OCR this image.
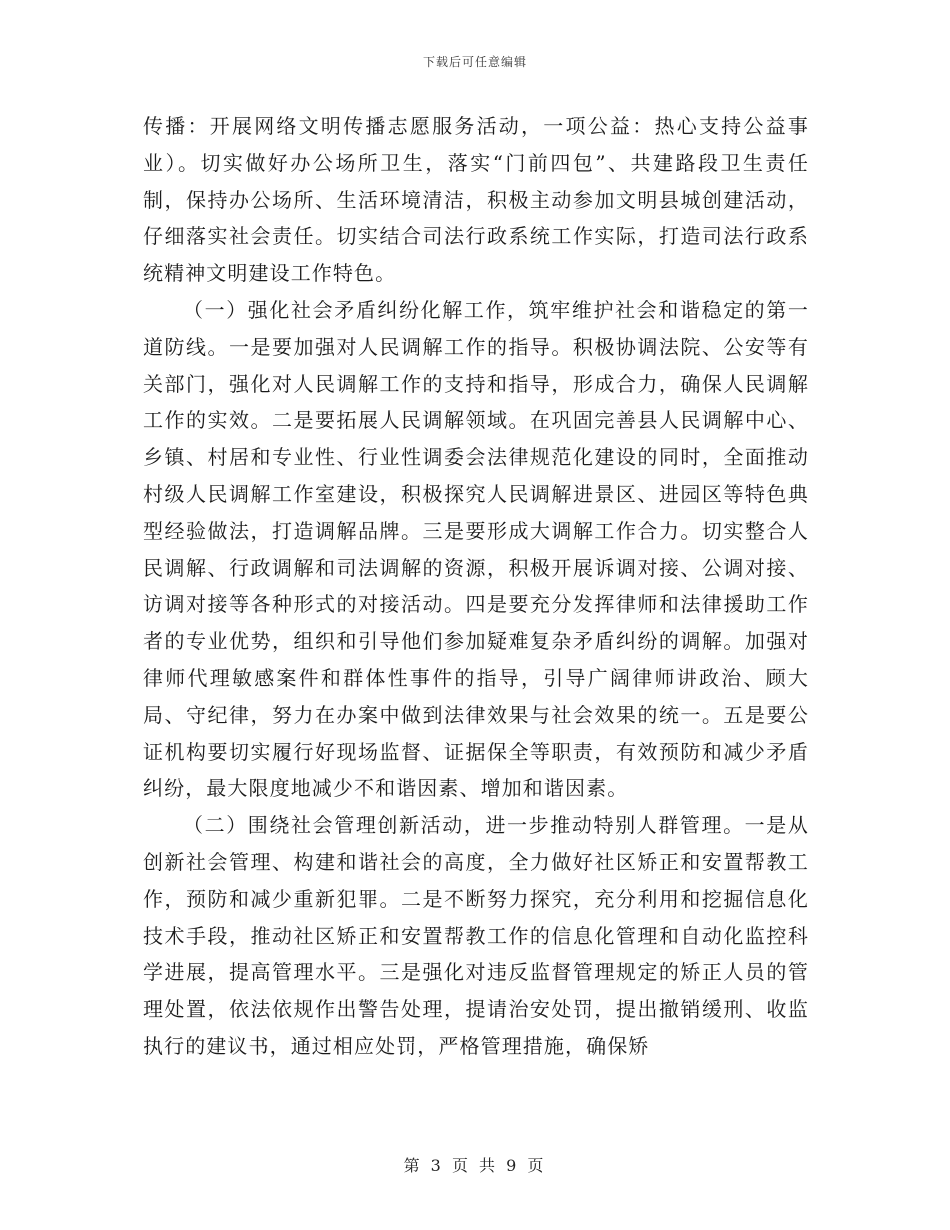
下载后可任意编辑

传播：开展网络文明传播志愿服务活动，一项公益：热心支持公益事业）。切实做好办公场所卫生，落实“门前四包”、共建路段卫生责任制，保持办公场所、生活环境清洁，积极主动参加文明县城创建活动，仔细落实社会责任。切实结合司法行政系统工作实际，打造司法行政系统精神文明建设工作特色。

（一）强化社会矛盾纠纷化解工作，筑牢维护社会和谐稳定的第一道防线。一是要加强对人民调解工作的指导。积极协调法院、公安等有关部门，强化对人民调解工作的支持和指导，形成合力，确保人民调解工作的实效。二是要拓展人民调解领域。在巩固完善县人民调解中心、乡镇、村居和专业性、行业性调委会法律规范化建设的同时，全面推动村级人民调解工作室建设，积极探究人民调解进景区、进园区等特色典型经验做法，打造调解品牌。三是要形成大调解工作合力。切实整合人民调解、行政调解和司法调解的资源，积极开展诉调对接、公调对接、访调对接等各种形式的对接活动。四是要充分发挥律师和法律援助工作者的专业优势，组织和引导他们参加疑难复杂矛盾纠纷的调解。加强对律师代理敏感案件和群体性事件的指导，引导广阔律师讲政治、顾大局、守纪律，努力在办案中做到法律效果与社会效果的统一。五是要公证机构要切实履行好现场监督、证据保全等职责，有效预防和减少矛盾纠纷，最大限度地减少不和谐因素、增加和谐因素。

（二）围绕社会管理创新活动，进一步推动特别人群管理。一是从创新社会管理、构建和谐社会的高度，全力做好社区矫正和安置帮教工作，预防和减少重新犯罪。二是不断努力探究，充分利用和挖掘信息化技术手段，推动社区矫正和安置帮教工作的信息化管理和自动化监控科学进展，提高管理水平。三是强化对违反监督管理规定的矫正人员的管理处置，依法依规作出警告处理，提请治安处罚，提出撤销缓刑、收监执行的建议书，通过相应处罚，严格管理措施，确保矫

第 3 页 共 9 页
